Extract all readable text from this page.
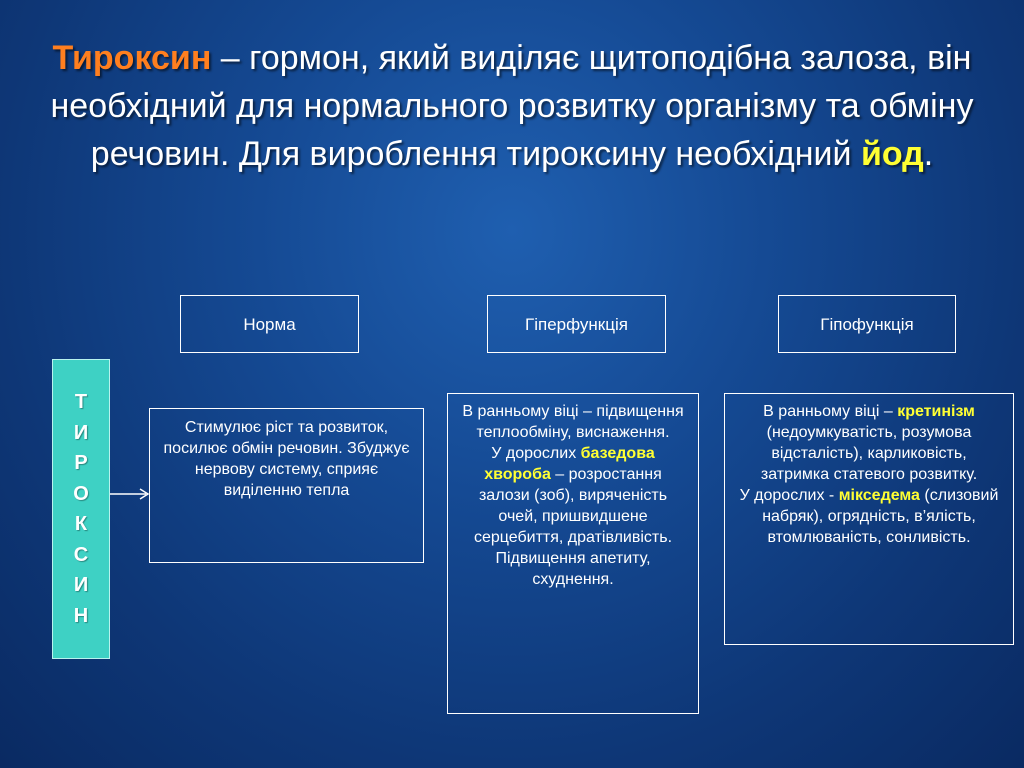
Тироксин – гормон, який виділяє щитоподібна залоза, він необхідний для нормального розвитку організму та обміну речовин. Для вироблення тироксину необхідний йод.
Норма	Гіперфункція	Гіпофункція
Т
И
Р
О
К
С
И
Н
Стимулює ріст та розвиток, посилює обмін речовин. Збуджує нервову систему, сприяє виділенню тепла
В ранньому віці – підвищення теплообміну, виснаження.
У дорослих базедова хвороба – розростання залози (зоб), виряченість очей, пришвидшене серцебиття, дратівливість. Підвищення апетиту, схуднення.
В ранньому віці – кретинізм (недоумкуватість, розумова відсталість), карликовість, затримка статевого розвитку.
У дорослих - мікседема (слизовий набряк), огрядність, в’ялість, втомлюваність, сонливість.
